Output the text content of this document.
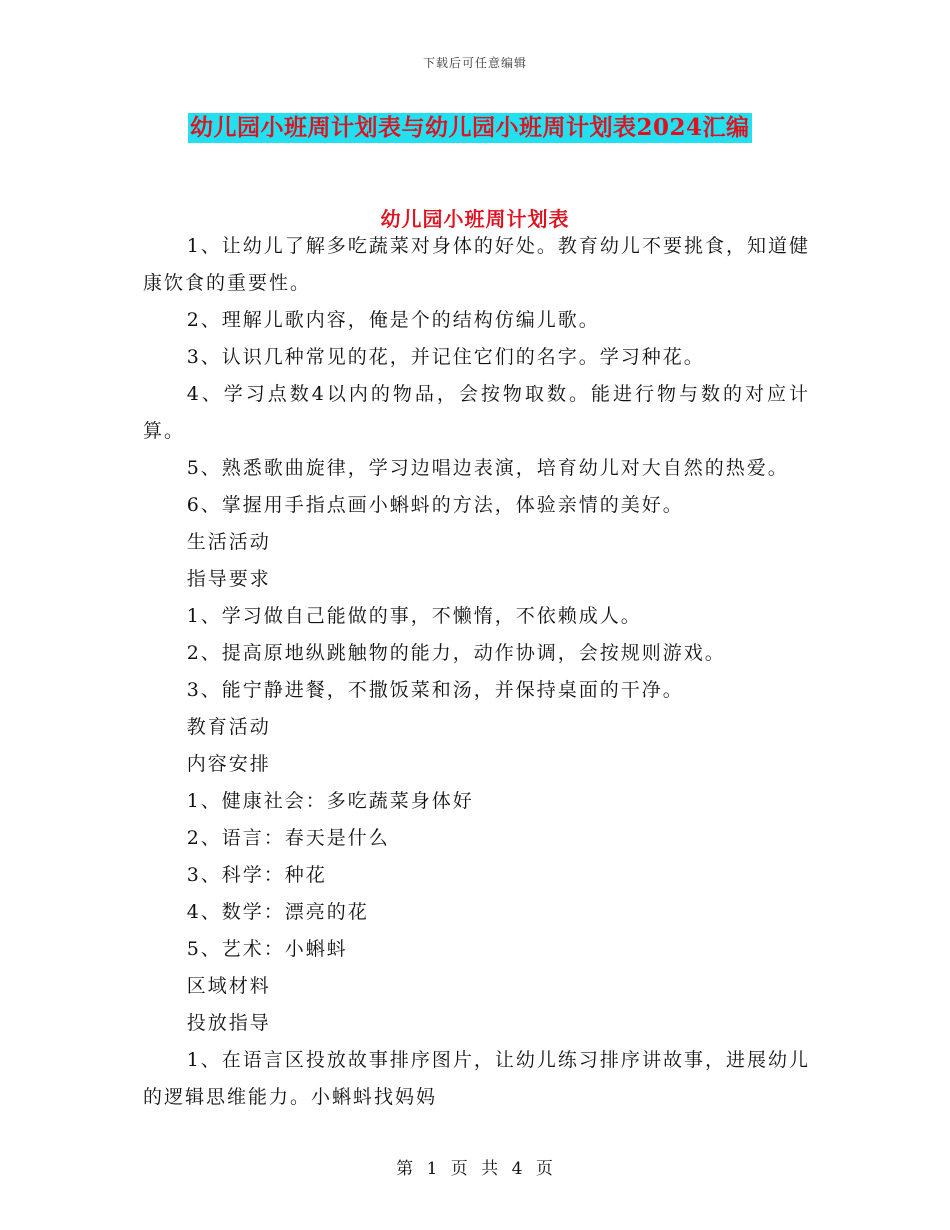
下载后可任意编辑
幼儿园小班周计划表与幼儿园小班周计划表2024汇编
幼儿园小班周计划表

1、让幼儿了解多吃蔬菜对身体的好处。教育幼儿不要挑食，知道健康饮食的重要性。

2、理解儿歌内容，俺是个的结构仿编儿歌。

3、认识几种常见的花，并记住它们的名字。学习种花。

4、学习点数4以内的物品，会按物取数。能进行物与数的对应计算。

5、熟悉歌曲旋律，学习边唱边表演，培育幼儿对大自然的热爱。

6、掌握用手指点画小蝌蚪的方法，体验亲情的美好。

生活活动

指导要求

1、学习做自己能做的事，不懒惰，不依赖成人。

2、提高原地纵跳触物的能力，动作协调，会按规则游戏。

3、能宁静进餐，不撒饭菜和汤，并保持桌面的干净。

教育活动

内容安排

1、健康社会：多吃蔬菜身体好

2、语言：春天是什么

3、科学：种花

4、数学：漂亮的花

5、艺术：小蝌蚪

区域材料

投放指导

1、在语言区投放故事排序图片，让幼儿练习排序讲故事，进展幼儿的逻辑思维能力。小蝌蚪找妈妈

第 1 页 共 4 页
